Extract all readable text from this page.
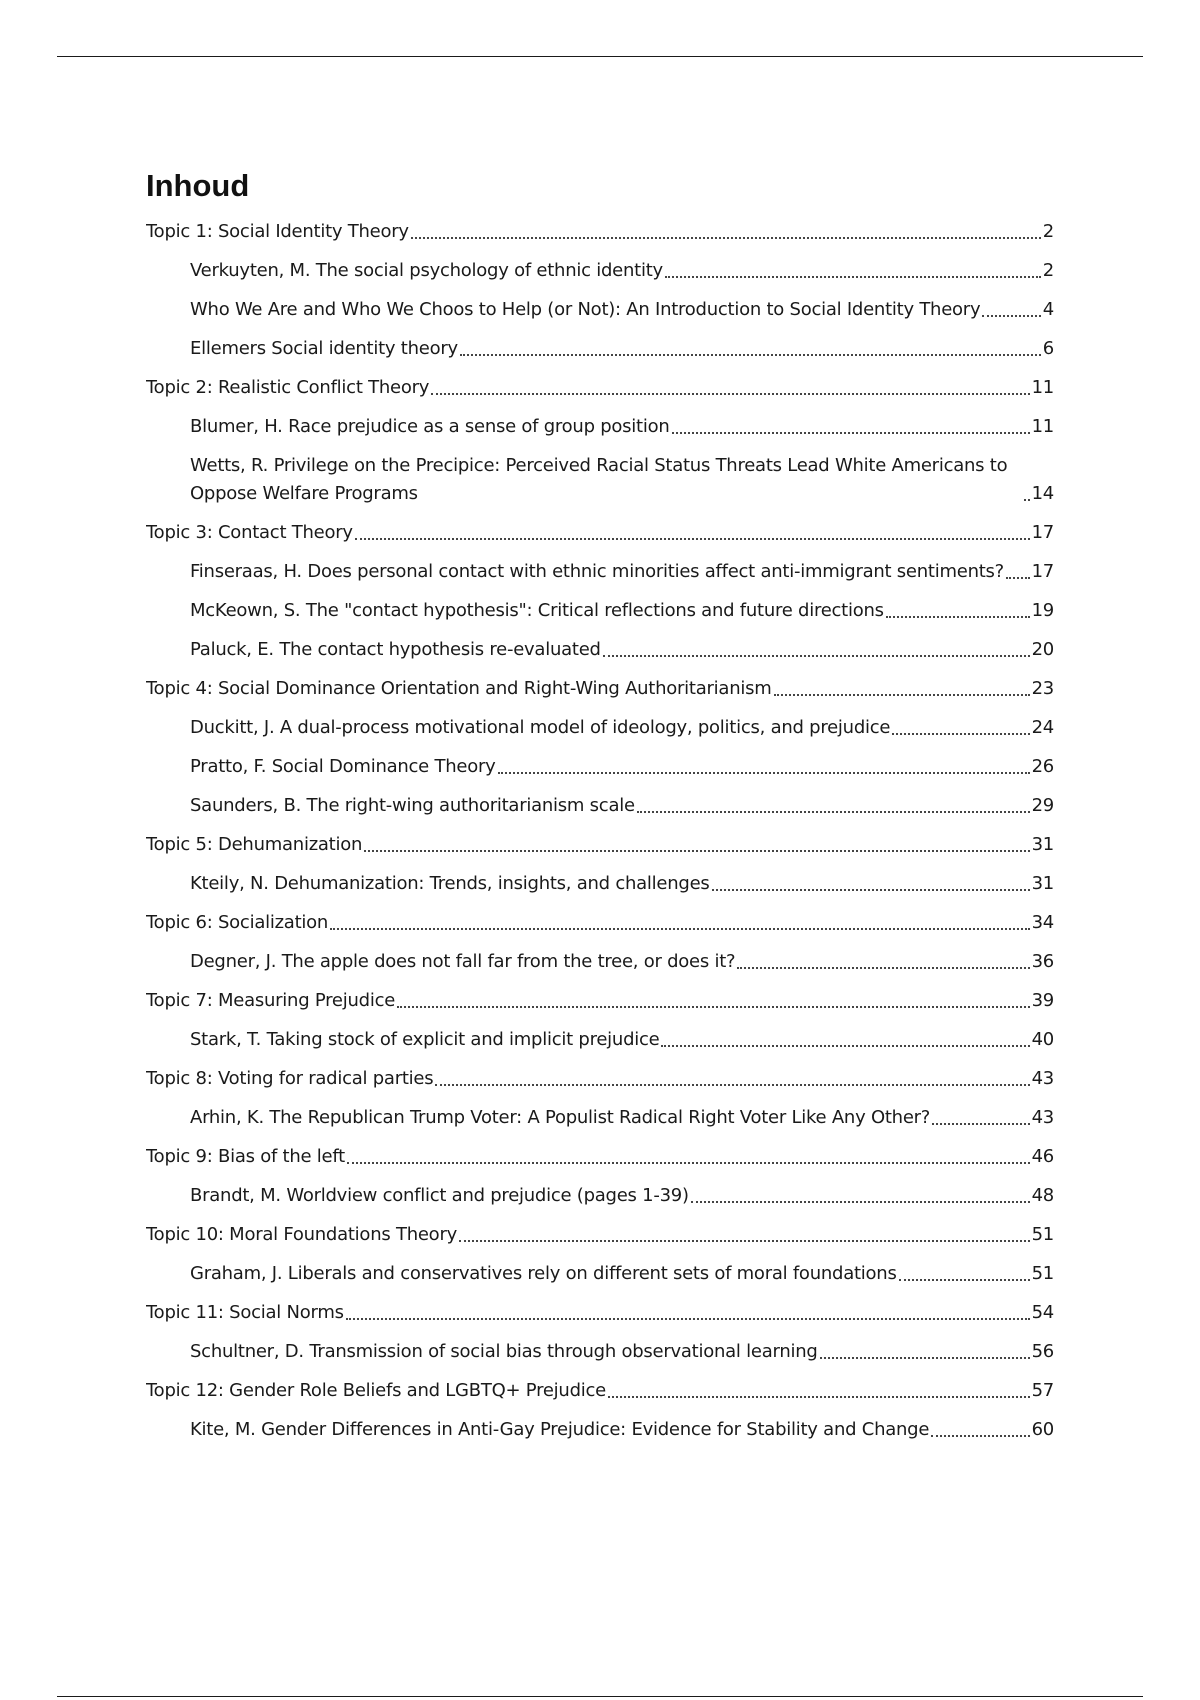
Inhoud
Topic 1: Social Identity Theory	2
Verkuyten, M. The social psychology of ethnic identity	2
Who We Are and Who We Choos to Help (or Not): An Introduction to Social Identity Theory	4
Ellemers Social identity theory	6
Topic 2: Realistic Conflict Theory	11
Blumer, H. Race prejudice as a sense of group position	11
Wetts, R. Privilege on the Precipice: Perceived Racial Status Threats Lead White Americans to Oppose Welfare Programs	14
Topic 3: Contact Theory	17
Finseraas, H. Does personal contact with ethnic minorities affect anti-immigrant sentiments? 17
McKeown, S. The "contact hypothesis": Critical reflections and future directions	19
Paluck, E. The contact hypothesis re-evaluated	20
Topic 4: Social Dominance Orientation and Right-Wing Authoritarianism	23
Duckitt, J. A dual-process motivational model of ideology, politics, and prejudice	24
Pratto, F. Social Dominance Theory	26
Saunders, B. The right-wing authoritarianism scale	29
Topic 5: Dehumanization	31
Kteily, N. Dehumanization: Trends, insights, and challenges	31
Topic 6: Socialization	34
Degner, J. The apple does not fall far from the tree, or does it?	36
Topic 7: Measuring Prejudice	39
Stark, T. Taking stock of explicit and implicit prejudice	40
Topic 8: Voting for radical parties	43
Arhin, K. The Republican Trump Voter: A Populist Radical Right Voter Like Any Other?	43
Topic 9: Bias of the left	46
Brandt, M. Worldview conflict and prejudice (pages 1-39)	48
Topic 10: Moral Foundations Theory	51
Graham, J. Liberals and conservatives rely on different sets of moral foundations	51
Topic 11: Social Norms	54
Schultner, D. Transmission of social bias through observational learning	56
Topic 12: Gender Role Beliefs and LGBTQ+ Prejudice	57
Kite, M. Gender Differences in Anti-Gay Prejudice: Evidence for Stability and Change	60
